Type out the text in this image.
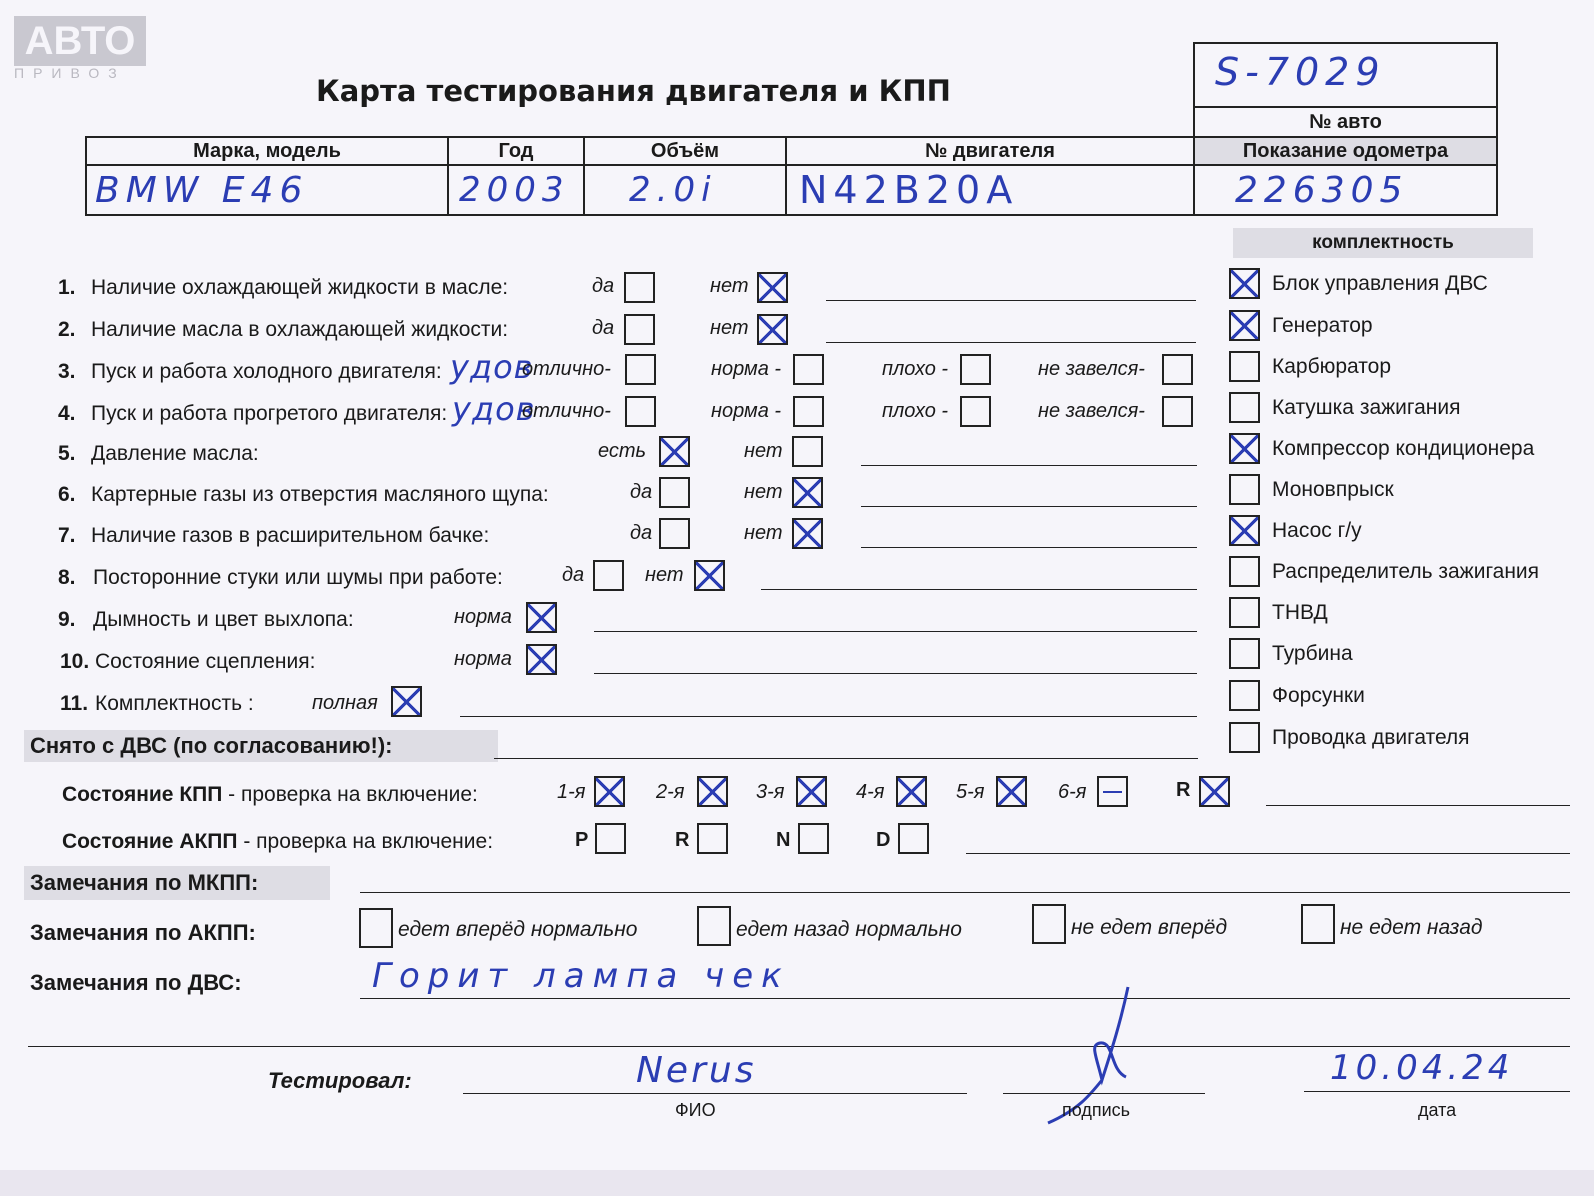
АВТО
ПРИВОЗ
Карта тестирования двигателя и КПП	S-7029

№ авто
Марка, модель	Год	Объём	№ двигателя	Показание одометра
BMW E46	2003	2.0i	N42B20A	226305
комплектность
Блок управления ДВС
Генератор
Карбюратор
Катушка зажигания
Компрессор кондиционера
Моновпрыск
Насос г/у
Распределитель зажигания
ТНВД
Турбина
Форсунки
Проводка двигателя
1. Наличие охлаждающей жидкости в масле:	да	нет
2. Наличие масла в охлаждающей жидкости:	да	нет
3. Пуск и работа холодного двигателя: удов
отлично-	норма -	плохо -	не завелся-
4. Пуск и работа прогретого двигателя: удов
отлично-	норма -	плохо -	не завелся-
5. Давление масла:	есть	нет
6. Картерные газы из отверстия масляного щупа:	да	нет
7. Наличие газов в расширительном бачке:	да	нет
8. Посторонние стуки или шумы при работе:	да	нет
9. Дымность и цвет выхлопа:	норма
10. Состояние сцепления:	норма
11. Комплектность :	полная
Снято с ДВС (по согласованию!):
Состояние КПП - проверка на включение:	1-я	2-я	3-я	4-я	5-я	6-я	R
Состояние АКПП - проверка на включение:	P	R	N	D
Замечания по МКПП:
Замечания по АКПП:	едет вперёд нормально	едет назад нормально	не едет вперёд	не едет назад
Замечания по ДВС:	Горит лампа чек
Тестировал:	Nerus
ФИО	подпись
10.04.24
дата
